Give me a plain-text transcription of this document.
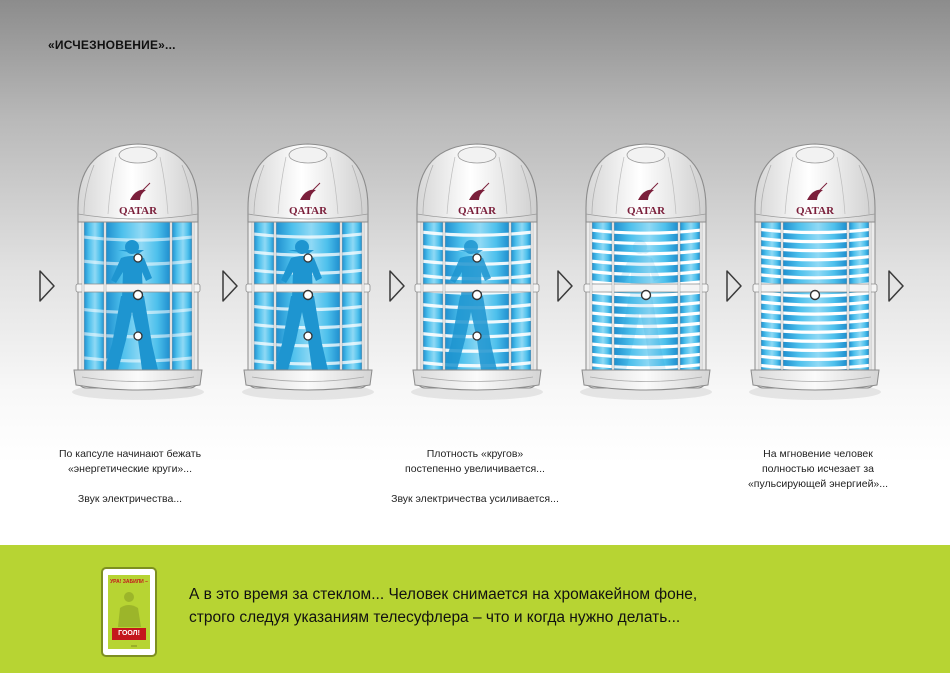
«ИСЧЕЗНОВЕНИЕ»...
QATAR	QATAR	QATAR	QATAR	QATAR

По капсуле начинают бежать

«энергетические круги»...

Звук электричества...

Плотность «кругов»

постепенно увеличивается...

Звук электричества усиливается...

На мгновение человек

полностью исчезает за

«пульсирующей энергией»...

УРА! ЗАБИЛИ –
ГООЛ!

А в это время за стеклом... Человек снимается на хромакейном фоне,

строго следуя указаниям телесуфлера – что и когда нужно делать...
